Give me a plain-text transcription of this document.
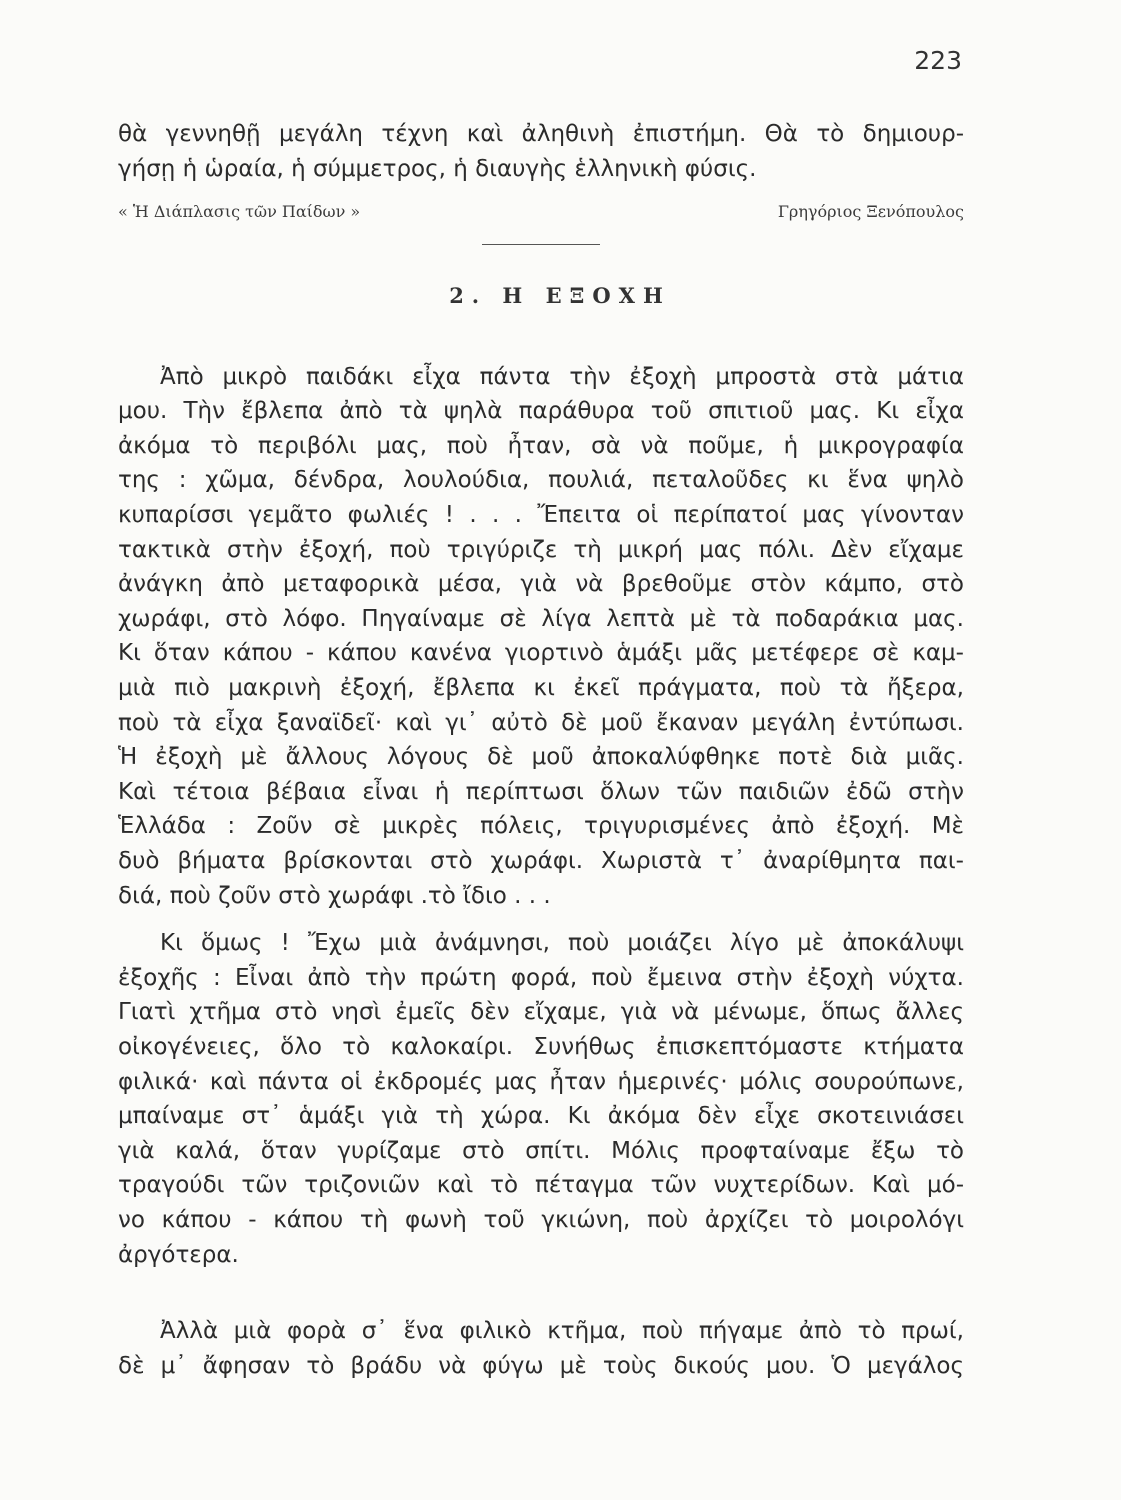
223
θὰ γεννηθῇ μεγάλη τέχνη καὶ ἀληθινὴ ἐπιστήμη. Θὰ τὸ δημιουρ-
γήσῃ ἡ ὡραία, ἡ σύμμετρος, ἡ διαυγὴς ἑλληνικὴ φύσις.
« Ἡ Διάπλασις τῶν Παίδων »	Γρηγόριος Ξενόπουλος
2. Η ΕΞΟΧΗ
Ἀπὸ μικρὸ παιδάκι εἶχα πάντα τὴν ἐξοχὴ μπροστὰ στὰ μάτια
μου. Τὴν ἔβλεπα ἀπὸ τὰ ψηλὰ παράθυρα τοῦ σπιτιοῦ μας. Κι εἶχα
ἀκόμα τὸ περιβόλι μας, ποὺ ἦταν, σὰ νὰ ποῦμε, ἡ μικρογραφία
της : χῶμα, δένδρα, λουλούδια, πουλιά, πεταλοῦδες κι ἕνα ψηλὸ
κυπαρίσσι γεμᾶτο φωλιές ! . . . Ἔπειτα οἱ περίπατοί μας γίνονταν
τακτικὰ στὴν ἐξοχή, ποὺ τριγύριζε τὴ μικρή μας πόλι. Δὲν εἴχαμε
ἀνάγκη ἀπὸ μεταφορικὰ μέσα, γιὰ νὰ βρεθοῦμε στὸν κάμπο, στὸ
χωράφι, στὸ λόφο. Πηγαίναμε σὲ λίγα λεπτὰ μὲ τὰ ποδαράκια μας.
Κι ὅταν κάπου - κάπου κανένα γιορτινὸ ἁμάξι μᾶς μετέφερε σὲ καμ-
μιὰ πιὸ μακρινὴ ἐξοχή, ἔβλεπα κι ἐκεῖ πράγματα, ποὺ τὰ ἤξερα,
ποὺ τὰ εἶχα ξαναϊδεῖ· καὶ γι᾿ αὐτὸ δὲ μοῦ ἔκαναν μεγάλη ἐντύπωσι.
Ἡ ἐξοχὴ μὲ ἄλλους λόγους δὲ μοῦ ἀποκαλύφθηκε ποτὲ διὰ μιᾶς.
Καὶ τέτοια βέβαια εἶναι ἡ περίπτωσι ὅλων τῶν παιδιῶν ἐδῶ στὴν
Ἑλλάδα : Ζοῦν σὲ μικρὲς πόλεις, τριγυρισμένες ἀπὸ ἐξοχή. Μὲ
δυὸ βήματα βρίσκονται στὸ χωράφι. Χωριστὰ τ᾿ ἀναρίθμητα παι-
διά, ποὺ ζοῦν στὸ χωράφι .τὸ ἴδιο . . .
Κι ὅμως ! Ἔχω μιὰ ἀνάμνησι, ποὺ μοιάζει λίγο μὲ ἀποκάλυψι
ἐξοχῆς : Εἶναι ἀπὸ τὴν πρώτη φορά, ποὺ ἔμεινα στὴν ἐξοχὴ νύχτα.
Γιατὶ χτῆμα στὸ νησὶ ἐμεῖς δὲν εἴχαμε, γιὰ νὰ μένωμε, ὅπως ἄλλες
οἰκογένειες, ὅλο τὸ καλοκαίρι. Συνήθως ἐπισκεπτόμαστε κτήματα
φιλικά· καὶ πάντα οἱ ἐκδρομές μας ἦταν ἡμερινές· μόλις σουρούπωνε,
μπαίναμε στ᾿ ἁμάξι γιὰ τὴ χώρα. Κι ἀκόμα δὲν εἶχε σκοτεινιάσει
γιὰ καλά, ὅταν γυρίζαμε στὸ σπίτι. Μόλις προφταίναμε ἔξω τὸ
τραγούδι τῶν τριζονιῶν καὶ τὸ πέταγμα τῶν νυχτερίδων. Καὶ μό-
νο κάπου - κάπου τὴ φωνὴ τοῦ γκιώνη, ποὺ ἀρχίζει τὸ μοιρολόγι
ἀργότερα.
Ἀλλὰ μιὰ φορὰ σ᾿ ἕνα φιλικὸ κτῆμα, ποὺ πήγαμε ἀπὸ τὸ πρωί,
δὲ μ᾿ ἄφησαν τὸ βράδυ νὰ φύγω μὲ τοὺς δικούς μου. Ὁ μεγάλος
